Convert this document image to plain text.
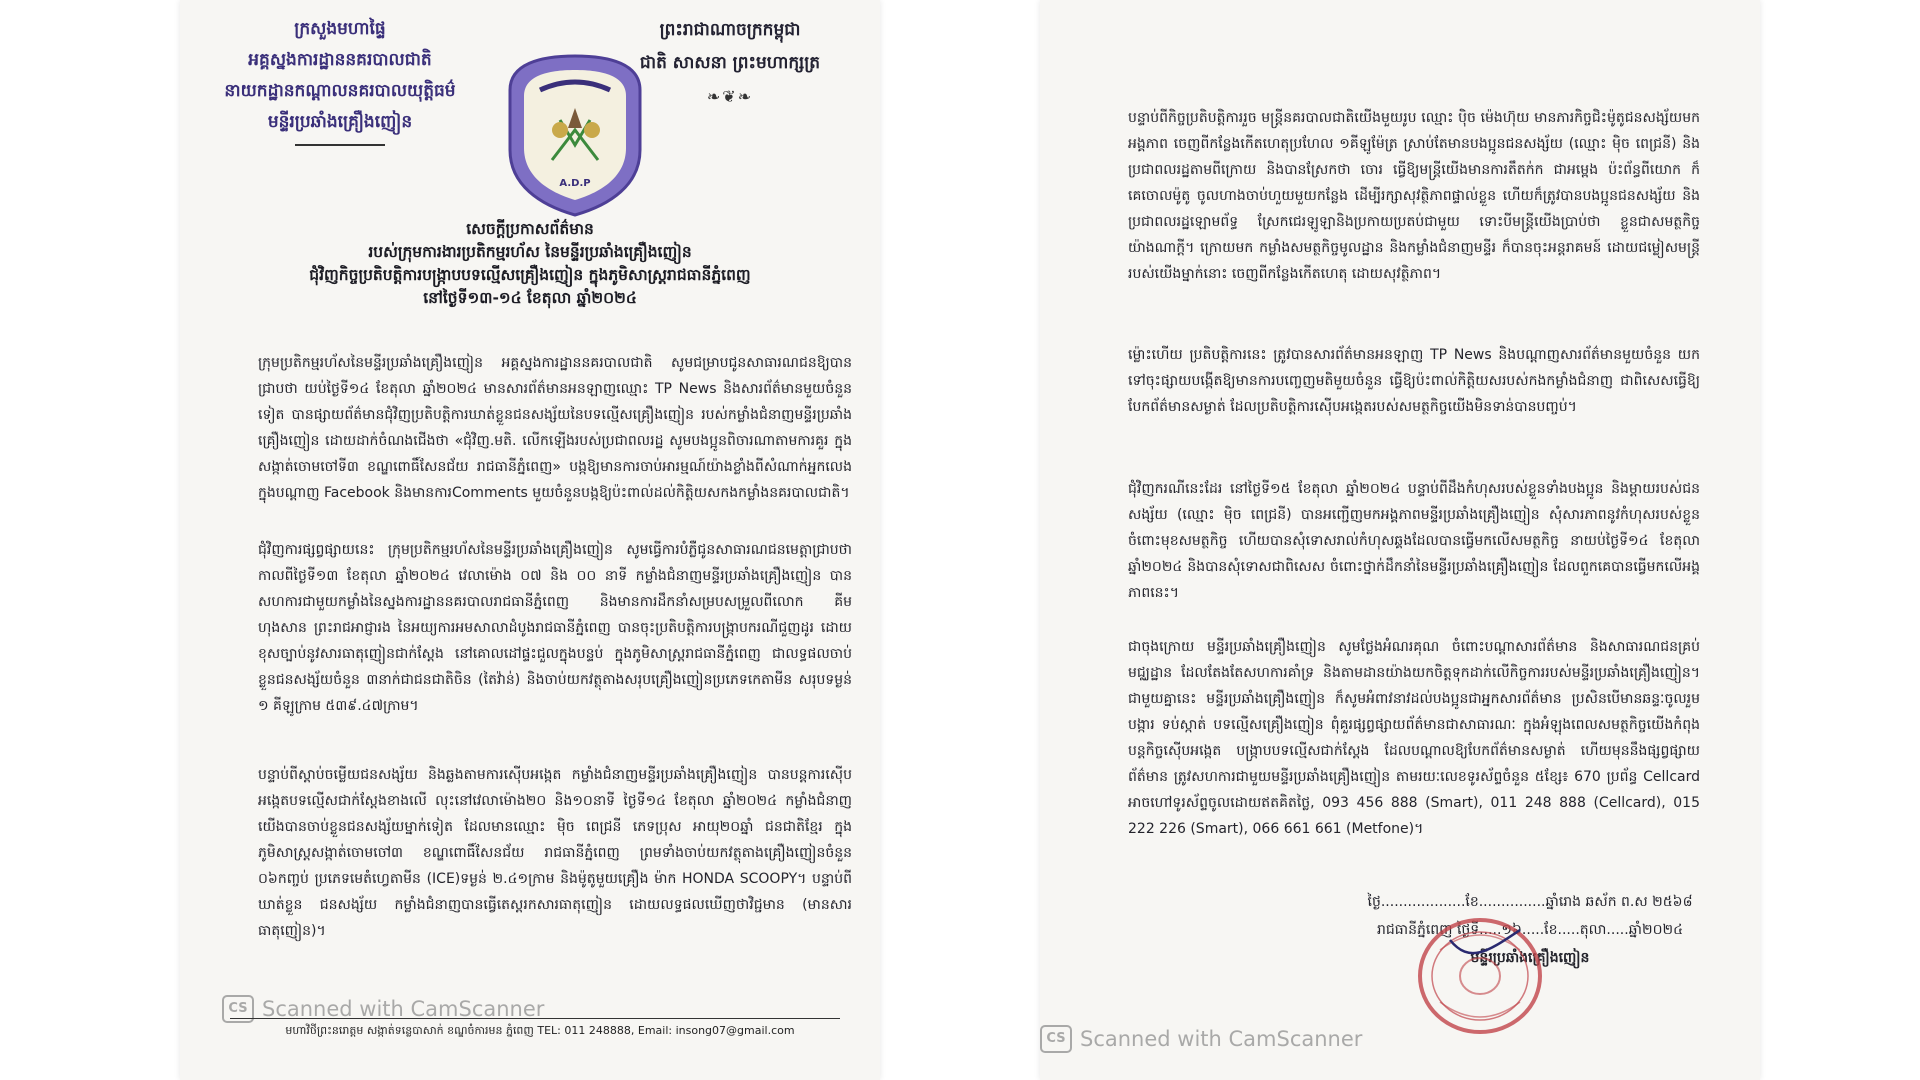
ក្រសួងមហាផ្ទៃ
អគ្គស្នងការដ្ឋាននគរបាលជាតិ
នាយកដ្ឋានកណ្តាលនគរបាលយុត្តិធម៌
មន្ទីរប្រឆាំងគ្រឿងញៀន
A.D.P
ព្រះរាជាណាចក្រកម្ពុជា
ជាតិ សាសនា ព្រះមហាក្សត្រ
❧❦❧
សេចក្តីប្រកាសព័ត៌មាន
របស់ក្រុមការងារប្រតិកម្មរហ័ស នៃមន្ទីរប្រឆាំងគ្រឿងញៀន
ជុំវិញកិច្ចប្រតិបត្តិការបង្ក្រាបបទល្មើសគ្រឿងញៀន ក្នុងភូមិសាស្ត្ររាជធានីភ្នំពេញ
នៅថ្ងៃទី១៣-១៤ ខែតុលា ឆ្នាំ២០២៤
ក្រុមប្រតិកម្មរហ័សនៃមន្ទីរប្រឆាំងគ្រឿងញៀន អគ្គស្នងការដ្ឋាននគរបាលជាតិ សូមជម្រាបជូនសាធារណជនឱ្យបានជ្រាបថា យប់ថ្ងៃទី១៤ ខែតុលា ឆ្នាំ២០២៤ មានសារព័ត៌មានអនឡាញឈ្មោះ TP News និងសារព័ត៌មានមួយចំនួនទៀត បានផ្សាយព័ត៌មានជុំវិញប្រតិបត្តិការឃាត់ខ្លួនជនសង្ស័យនៃបទល្មើសគ្រឿងញៀន របស់កម្លាំងជំនាញមន្ទីរប្រឆាំងគ្រឿងញៀន ដោយដាក់ចំណងជើងថា «ជុំវិញ.មតិ. លើកឡើងរបស់ប្រជាពលរដ្ឋ សូមបងប្អូនពិចារណាតាមការគួរ ក្នុងសង្កាត់ចោមចៅទី៣ ខណ្ឌពោធិ៍សែនជ័យ រាជធានីភ្នំពេញ» បង្កឱ្យមានការចាប់អារម្មណ៍យ៉ាងខ្លាំងពីសំណាក់អ្នកលេងក្នុងបណ្តាញ Facebook និងមានការComments មួយចំនួនបង្កឱ្យប៉ះពាល់ដល់កិត្តិយសកងកម្លាំងនគរបាលជាតិ។
ជុំវិញការផ្សព្វផ្សាយនេះ ក្រុមប្រតិកម្មរហ័សនៃមន្ទីរប្រឆាំងគ្រឿងញៀន សូមធ្វើការបំភ្លឺជូនសាធារណជនមេត្តាជ្រាបថា កាលពីថ្ងៃទី១៣ ខែតុលា ឆ្នាំ២០២៤ វេលាម៉ោង ០៧ និង ០០ នាទី កម្លាំងជំនាញមន្ទីរប្រឆាំងគ្រឿងញៀន បានសហការជាមួយកម្លាំងនៃស្នងការដ្ឋាននគរបាលរាជធានីភ្នំពេញ និងមានការដឹកនាំសម្របសម្រួលពីលោក គីម ហុងសាន ព្រះរាជអាជ្ញារង នៃអយ្យការអមសាលាដំបូងរាជធានីភ្នំពេញ បានចុះប្រតិបត្តិការបង្ក្រាបករណីជួញដូរ ដោយខុសច្បាប់នូវសារធាតុញៀនជាក់ស្តែង នៅគោលដៅផ្ទះជួលក្នុងបន្ទប់ ក្នុងភូមិសាស្ត្ររាជធានីភ្នំពេញ ជាលទ្ធផលចាប់ខ្លួនជនសង្ស័យចំនួន ៣នាក់ជាជនជាតិចិន (តៃវ៉ាន់) និងចាប់យកវត្ថុតាងសរុបគ្រឿងញៀនប្រភេទកេតាមីន សរុបទម្ងន់ ១ គីឡូក្រាម ៥៣៩.៤៧ក្រាម។
បន្ទាប់ពីស្តាប់ចម្លើយជនសង្ស័យ និងឆ្លងតាមការស៊ើបអង្កេត កម្លាំងជំនាញមន្ទីរប្រឆាំងគ្រឿងញៀន បានបន្តការស៊ើបអង្កេតបទល្មើសជាក់ស្តែងខាងលើ លុះនៅវេលាម៉ោង២០ និង១០នាទី ថ្ងៃទី១៤ ខែតុលា ឆ្នាំ២០២៤ កម្លាំងជំនាញយើងបានចាប់ខ្លួនជនសង្ស័យម្នាក់ទៀត ដែលមានឈ្មោះ ម៉ិច ពេជ្រនី ភេទប្រុស អាយុ២០ឆ្នាំ ជនជាតិខ្មែរ ក្នុងភូមិសាស្ត្រសង្កាត់ចោមចៅ៣ ខណ្ឌពោធិ៍សែនជ័យ រាជធានីភ្នំពេញ ព្រមទាំងចាប់យកវត្ថុតាងគ្រឿងញៀនចំនួន ០៦កញ្ចប់ ប្រភេទមេតំហ្វេតាមីន (ICE)ទម្ងន់ ២.៤១ក្រាម និងម៉ូតូមួយគ្រឿង ម៉ាក HONDA SCOOPY។ បន្ទាប់ពីឃាត់ខ្លួន ជនសង្ស័យ កម្លាំងជំនាញបានធ្វើតេស្តរកសារធាតុញៀន ដោយលទ្ធផលឃើញថាវិជ្ជមាន (មានសារធាតុញៀន)។
CS Scanned with CamScanner
មហាវិថីព្រះនរោត្តម សង្កាត់ទន្លេបាសាក់ ខណ្ឌចំការមន ភ្នំពេញ TEL: 011 248888, Email: insong07@gmail.com
បន្ទាប់ពីកិច្ចប្រតិបត្តិការរួច មន្ត្រីនគរបាលជាតិយើងមួយរូប ឈ្មោះ ប៉ិច ម៉េងហ៊ុយ មានភារកិច្ចជិះម៉ូតូជនសង្ស័យមកអង្គភាព ចេញពីកន្លែងកើតហេតុប្រហែល ១គីឡូម៉ែត្រ ស្រាប់តែមានបងប្អូនជនសង្ស័យ (ឈ្មោះ ម៉ិច ពេជ្រនី) និងប្រជាពលរដ្ឋតាមពីក្រោយ និងបានស្រែកថា ចោរ ធ្វើឱ្យមន្ត្រីយើងមានការតឹតក់ក ជាអម្ពេង ប៉ះព័ន្ធពីយោក ក៏គេចោលម៉ូតូ ចូលហាងចាប់ហួយមួយកន្លែង ដើម្បីរក្សាសុវត្ថិភាពផ្ទាល់ខ្លួន ហើយក៏ត្រូវបានបងប្អូនជនសង្ស័យ និងប្រជាពលរដ្ឋឡោមព័ទ្ធ ស្រែកជេរឡូឡានិងប្រកាយប្រតប់ជាមួយ ទោះបីមន្ត្រីយើងប្រាប់ថា ខ្លួនជាសមត្ថកិច្ចយ៉ាងណាក្តី។ ក្រោយមក កម្លាំងសមត្ថកិច្ចមូលដ្ឋាន និងកម្លាំងជំនាញមន្ទីរ ក៏បានចុះអន្តរាគមន៍ ដោយជម្លៀសមន្ត្រីរបស់យើងម្នាក់នោះ ចេញពីកន្លែងកើតហេតុ ដោយសុវត្ថិភាព។
ម្ល៉ោះហើយ ប្រតិបត្តិការនេះ ត្រូវបានសារព័ត៌មានអនឡាញ TP News និងបណ្តាញសារព័ត៌មានមួយចំនួន យកទៅចុះផ្សាយបង្កើតឱ្យមានការបញ្ចេញមតិមួយចំនួន ធ្វើឱ្យប៉ះពាល់កិត្តិយសរបស់កងកម្លាំងជំនាញ ជាពិសេសធ្វើឱ្យបែកព័ត៌មានសម្ងាត់ ដែលប្រតិបត្តិការស៊ើបអង្កេតរបស់សមត្ថកិច្ចយើងមិនទាន់បានបញ្ចប់។
ជុំវិញករណីនេះដែរ នៅថ្ងៃទី១៥ ខែតុលា ឆ្នាំ២០២៤ បន្ទាប់ពីដឹងកំហុសរបស់ខ្លួនទាំងបងប្អូន និងម្តាយរបស់ជនសង្ស័យ (ឈ្មោះ ម៉ិច ពេជ្រនី) បានអញ្ជើញមកអង្គភាពមន្ទីរប្រឆាំងគ្រឿងញៀន សុំសារភាពនូវកំហុសរបស់ខ្លួន ចំពោះមុខសមត្ថកិច្ច ហើយបានសុំទោសរាល់កំហុសឆ្គងដែលបានធ្វើមកលើសមត្ថកិច្ច នាយប់ថ្ងៃទី១៤ ខែតុលា ឆ្នាំ២០២៤ និងបានសុំទោសជាពិសេស ចំពោះថ្នាក់ដឹកនាំនៃមន្ទីរប្រឆាំងគ្រឿងញៀន ដែលពួកគេបានធ្វើមកលើអង្គភាពនេះ។
ជាចុងក្រោយ មន្ទីរប្រឆាំងគ្រឿងញៀន សូមថ្លែងអំណរគុណ ចំពោះបណ្តាសារព័ត៌មាន និងសាធារណជនគ្រប់មជ្ឈដ្ឋាន ដែលតែងតែសហការគាំទ្រ និងតាមដានយ៉ាងយកចិត្តទុកដាក់លើកិច្ចការរបស់មន្ទីរប្រឆាំងគ្រឿងញៀន។ ជាមួយគ្នានេះ មន្ទីរប្រឆាំងគ្រឿងញៀន ក៏សូមអំពាវនាវដល់បងប្អូនជាអ្នកសារព័ត៌មាន ប្រសិនបើមានឆន្ទៈចូលរួមបង្ការ ទប់ស្កាត់ បទល្មើសគ្រឿងញៀន ពុំគួរផ្សព្វផ្សាយព័ត៌មានជាសាធារណៈ ក្នុងអំឡុងពេលសមត្ថកិច្ចយើងកំពុងបន្តកិច្ចស៊ើបអង្កេត បង្ក្រាបបទល្មើសជាក់ស្តែង ដែលបណ្តាលឱ្យបែកព័ត៌មានសម្ងាត់ ហើយមុននឹងផ្សព្វផ្សាយព័ត៌មាន ត្រូវសហការជាមួយមន្ទីរប្រឆាំងគ្រឿងញៀន តាមរយៈលេខទូរស័ព្ទចំនួន ៥ខ្សែ៖ 670 ប្រព័ន្ធ Cellcard អាចហៅទូរស័ព្ទចូលដោយឥតគិតថ្លៃ, 093 456 888 (Smart), 011 248 888 (Cellcard), 015 222 226 (Smart), 066 661 661 (Metfone)។
ថ្ងៃ...................ខែ...............ឆ្នាំរោង ឆស័ក ព.ស ២៥៦៨
រាជធានីភ្នំពេញ ថ្ងៃទី.....១៦.....ខែ.....តុលា.....ឆ្នាំ២០២៤
មន្ទីរប្រឆាំងគ្រឿងញៀន
CS Scanned with CamScanner
